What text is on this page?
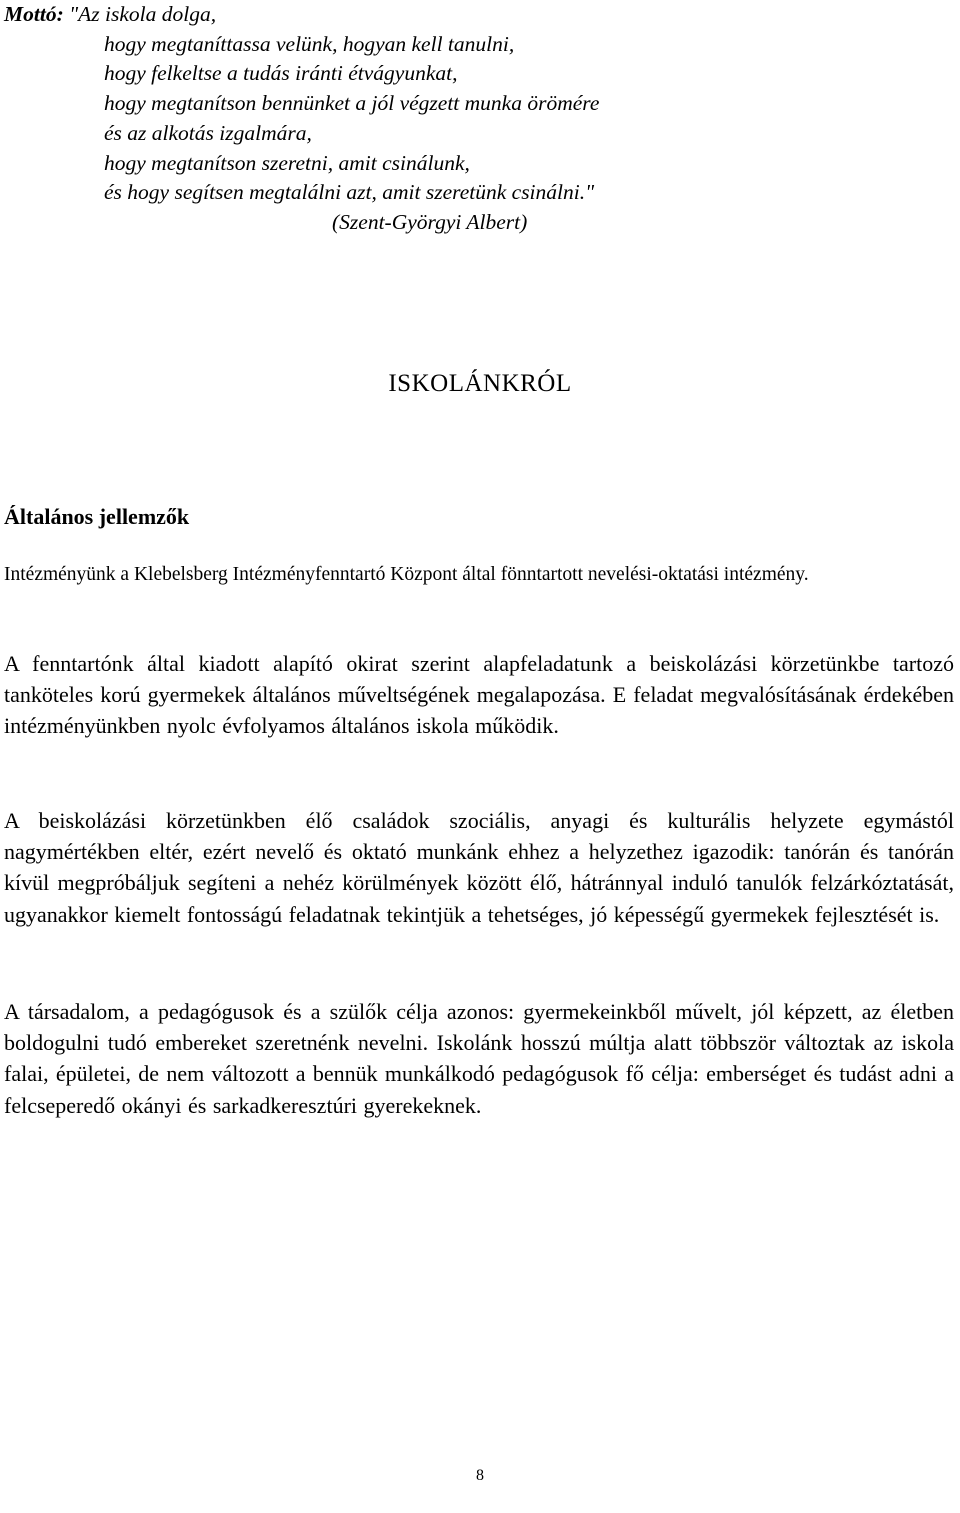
Mottó: "Az iskola dolga,
hogy megtaníttassa velünk, hogyan kell tanulni,
hogy felkeltse a tudás iránti étvágyunkat,
hogy megtanítson bennünket a jól végzett munka örömére
és az alkotás izgalmára,
hogy megtanítson szeretni, amit csinálunk,
és hogy segítsen megtalálni azt, amit szeretünk csinálni."
(Szent-Györgyi Albert)
ISKOLÁNKRÓL
Általános jellemzők

Intézményünk a Klebelsberg Intézményfenntartó Központ által fönntartott nevelési-oktatási intézmény.

A fenntartónk által kiadott alapító okirat szerint alapfeladatunk a beiskolázási körzetünkbe tartozó tanköteles korú gyermekek általános műveltségének megalapozása. E feladat megvalósításának érdekében intézményünkben nyolc évfolyamos általános iskola működik.

A beiskolázási körzetünkben élő családok szociális, anyagi és kulturális helyzete egymástól nagymértékben eltér, ezért nevelő és oktató munkánk ehhez a helyzethez igazodik: tanórán és tanórán kívül megpróbáljuk segíteni a nehéz körülmények között élő, hátránnyal induló tanulók felzárkóztatását, ugyanakkor kiemelt fontosságú feladatnak tekintjük a tehetséges, jó képességű gyermekek fejlesztését is.

A társadalom, a pedagógusok és a szülők célja azonos: gyermekeinkből művelt, jól képzett, az életben boldogulni tudó embereket szeretnénk nevelni. Iskolánk hosszú múltja alatt többször változtak az iskola falai, épületei, de nem változott a bennük munkálkodó pedagógusok fő célja: emberséget és tudást adni a felcseperedő okányi és sarkadkeresztúri gyerekeknek.

8
